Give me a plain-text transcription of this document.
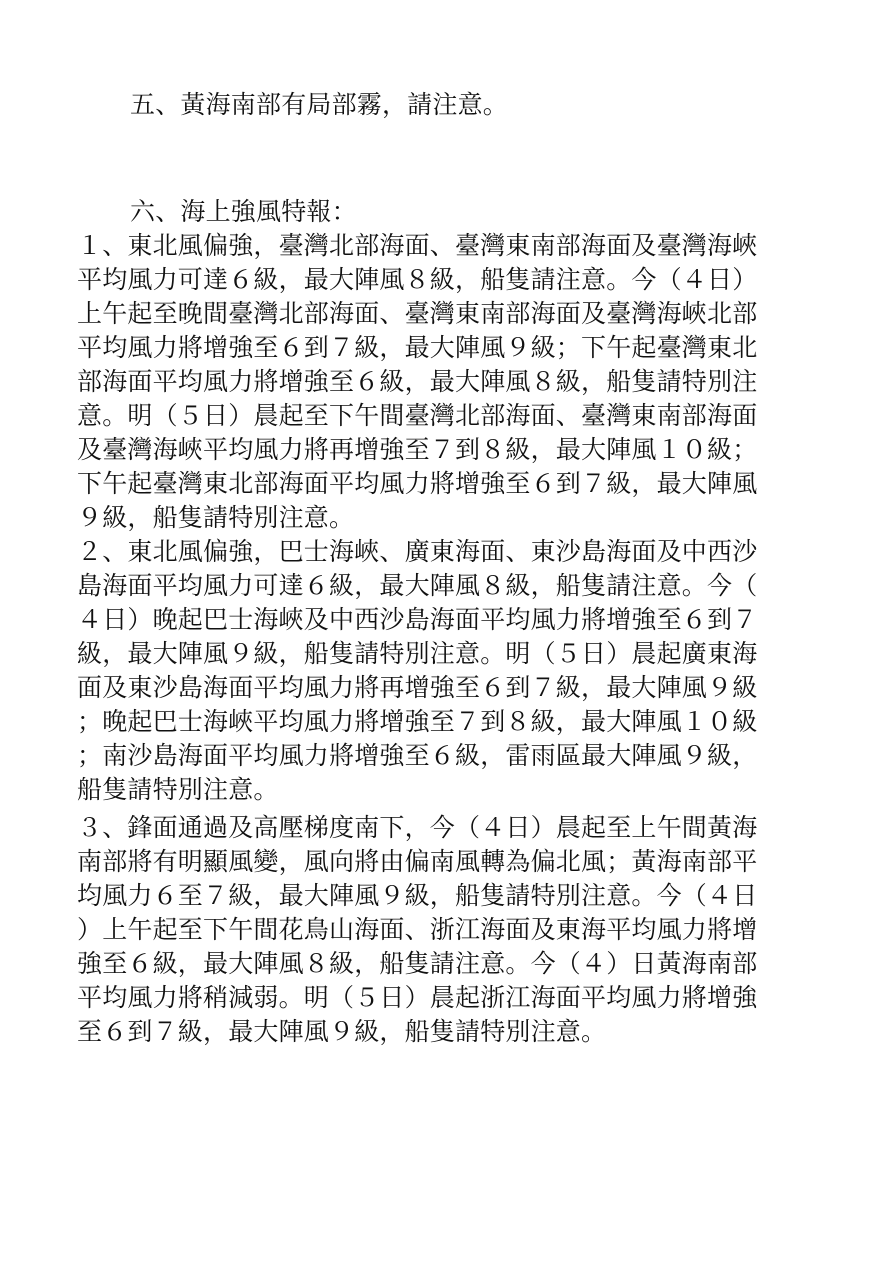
五、黃海南部有局部霧，請注意。
六、海上強風特報：
１、東北風偏強，臺灣北部海面、臺灣東南部海面及臺灣海峽
平均風力可達６級，最大陣風８級，船隻請注意。今（４日）
上午起至晚間臺灣北部海面、臺灣東南部海面及臺灣海峽北部
平均風力將增強至６到７級，最大陣風９級；下午起臺灣東北
部海面平均風力將增強至６級，最大陣風８級，船隻請特別注
意。明（５日）晨起至下午間臺灣北部海面、臺灣東南部海面
及臺灣海峽平均風力將再增強至７到８級，最大陣風１０級；
下午起臺灣東北部海面平均風力將增強至６到７級，最大陣風
９級，船隻請特別注意。
２、東北風偏強，巴士海峽、廣東海面、東沙島海面及中西沙
島海面平均風力可達６級，最大陣風８級，船隻請注意。今（
４日）晚起巴士海峽及中西沙島海面平均風力將增強至６到７
級，最大陣風９級，船隻請特別注意。明（５日）晨起廣東海
面及東沙島海面平均風力將再增強至６到７級，最大陣風９級
；晚起巴士海峽平均風力將增強至７到８級，最大陣風１０級
；南沙島海面平均風力將增強至６級，雷雨區最大陣風９級，
船隻請特別注意。
３、鋒面通過及高壓梯度南下，今（４日）晨起至上午間黃海
南部將有明顯風變，風向將由偏南風轉為偏北風；黃海南部平
均風力６至７級，最大陣風９級，船隻請特別注意。今（４日
）上午起至下午間花鳥山海面、浙江海面及東海平均風力將增
強至６級，最大陣風８級，船隻請注意。今（４）日黃海南部
平均風力將稍減弱。明（５日）晨起浙江海面平均風力將增強
至６到７級，最大陣風９級，船隻請特別注意。
